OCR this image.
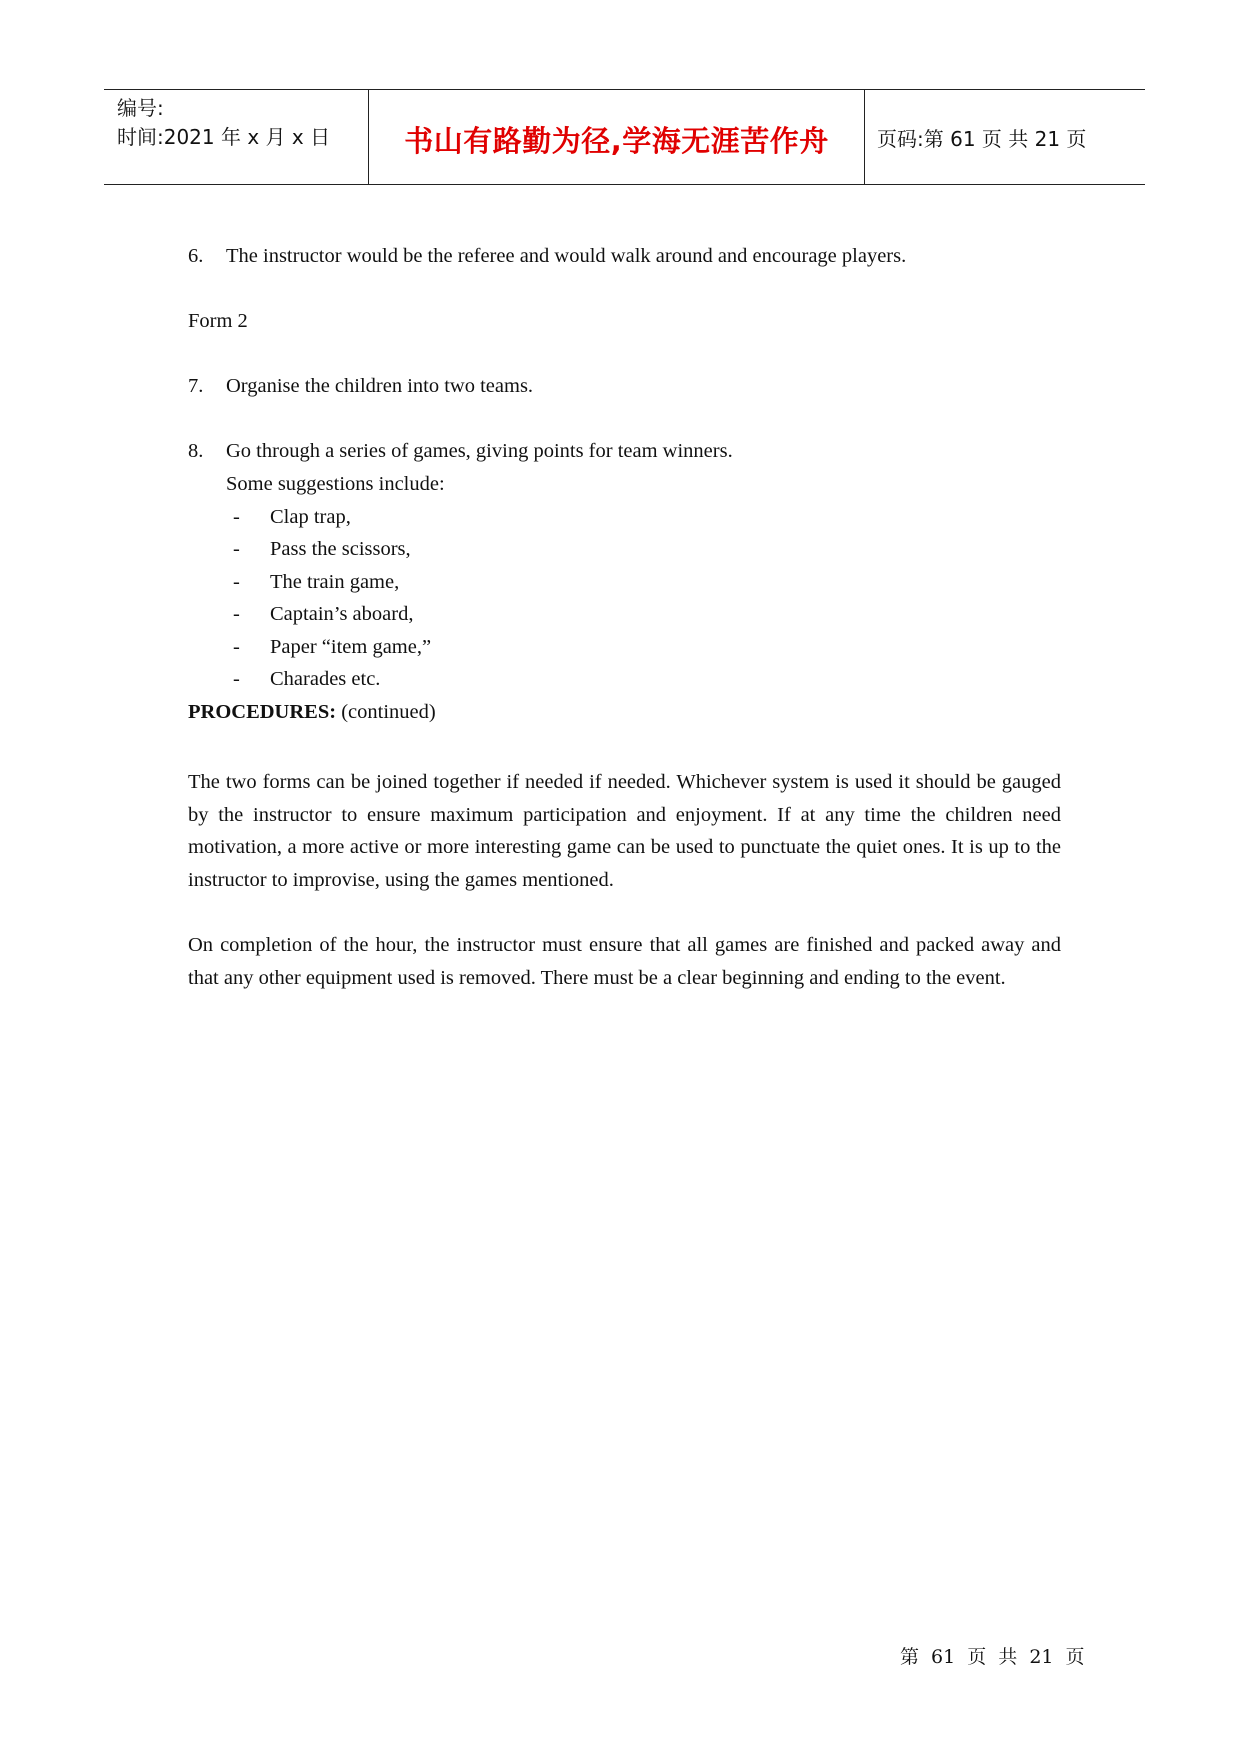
编号:
时间:2021 年 x 月 x 日	书山有路勤为径,学海无涯苦作舟	页码:第 61 页 共 21 页
6. The instructor would be the referee and would walk around and encourage players.
Form 2
7. Organise the children into two teams.
8. Go through a series of games, giving points for team winners.
Some suggestions include:
- Clap trap,
- Pass the scissors,
- The train game,
- Captain’s aboard,
- Paper “item game,”
- Charades etc.
PROCEDURES: (continued)
The two forms can be joined together if needed if needed. Whichever system is used it should be gauged by the instructor to ensure maximum participation and enjoyment. If at any time the children need motivation, a more active or more interesting game can be used to punctuate the quiet ones. It is up to the instructor to improvise, using the games mentioned.
On completion of the hour, the instructor must ensure that all games are finished and packed away and that any other equipment used is removed. There must be a clear beginning and ending to the event.
第 61 页 共 21 页
